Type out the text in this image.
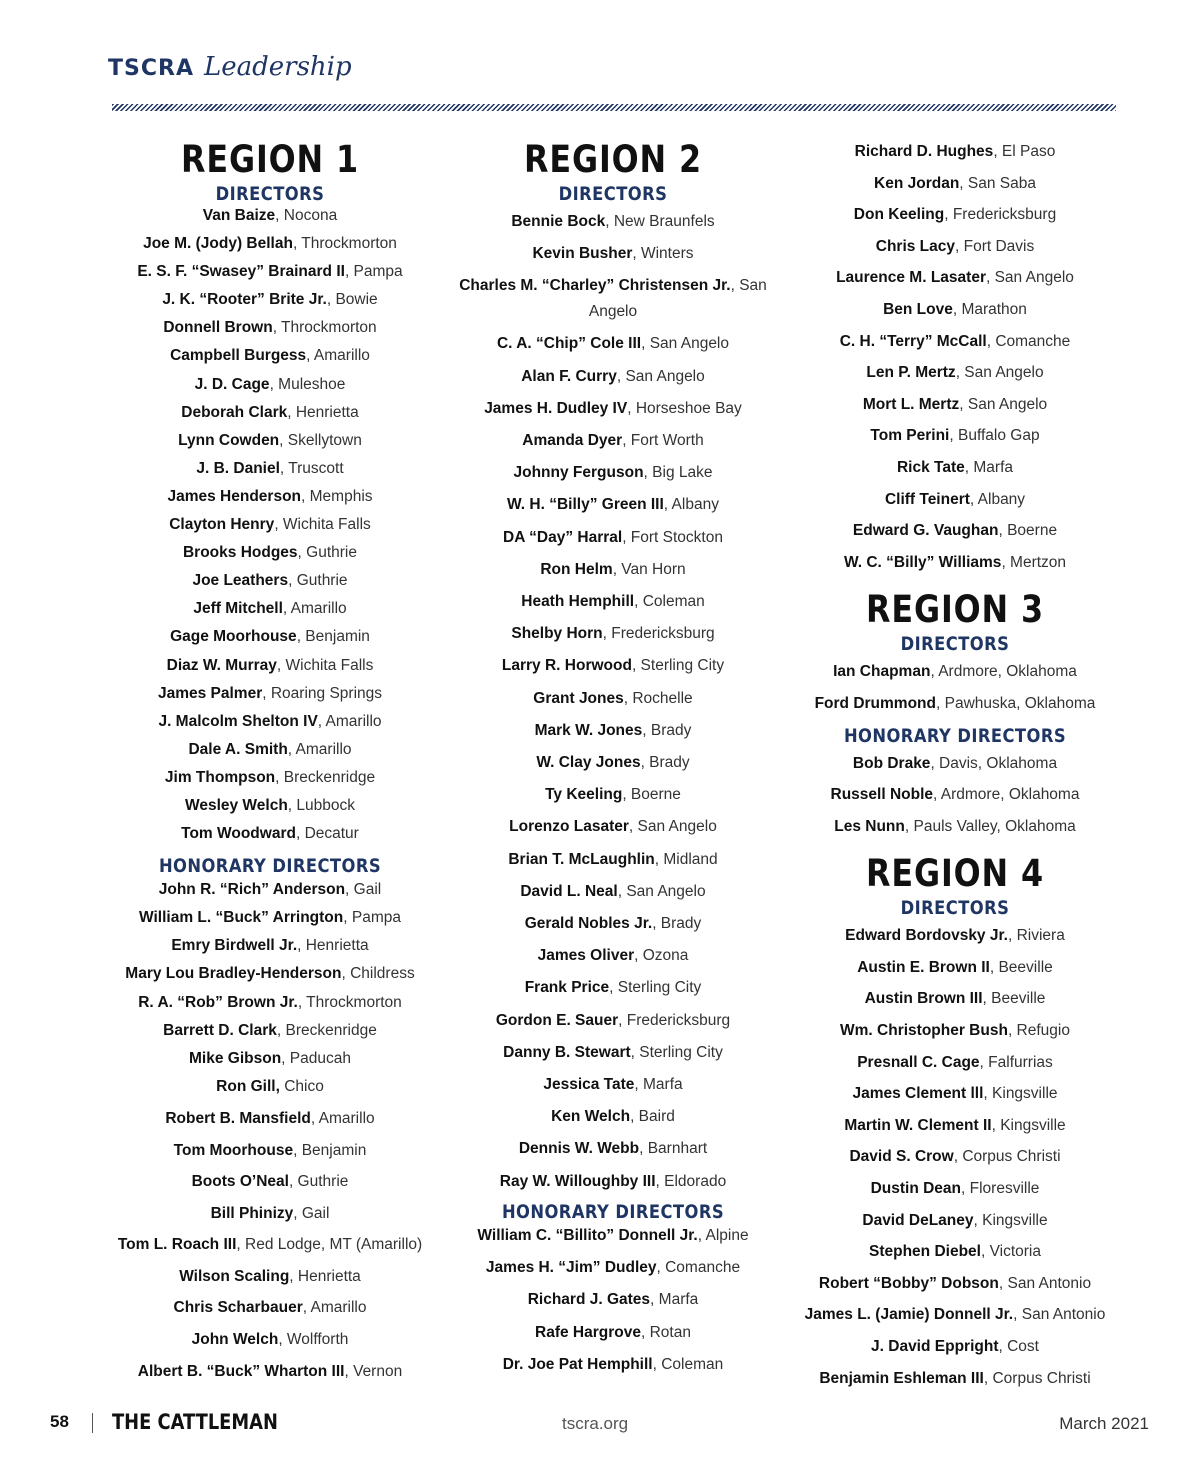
TSCRA Leadership
REGION 1
DIRECTORS
Van Baize, Nocona
Joe M. (Jody) Bellah, Throckmorton
E. S. F. “Swasey” Brainard II, Pampa
J. K. “Rooter” Brite Jr., Bowie
Donnell Brown, Throckmorton
Campbell Burgess, Amarillo
J. D. Cage, Muleshoe
Deborah Clark, Henrietta
Lynn Cowden, Skellytown
J. B. Daniel, Truscott
James Henderson, Memphis
Clayton Henry, Wichita Falls
Brooks Hodges, Guthrie
Joe Leathers, Guthrie
Jeff Mitchell, Amarillo
Gage Moorhouse, Benjamin
Diaz W. Murray, Wichita Falls
James Palmer, Roaring Springs
J. Malcolm Shelton IV, Amarillo
Dale A. Smith, Amarillo
Jim Thompson, Breckenridge
Wesley Welch, Lubbock
Tom Woodward, Decatur
HONORARY DIRECTORS
John R. “Rich” Anderson, Gail
William L. “Buck” Arrington, Pampa
Emry Birdwell Jr., Henrietta
Mary Lou Bradley-Henderson, Childress
R. A. “Rob” Brown Jr., Throckmorton
Barrett D. Clark, Breckenridge
Mike Gibson, Paducah
Ron Gill, Chico
Robert B. Mansfield, Amarillo
Tom Moorhouse, Benjamin
Boots O’Neal, Guthrie
Bill Phinizy, Gail
Tom L. Roach III, Red Lodge, MT (Amarillo)
Wilson Scaling, Henrietta
Chris Scharbauer, Amarillo
John Welch, Wolfforth
Albert B. “Buck” Wharton III, Vernon
REGION 2
DIRECTORS
Bennie Bock, New Braunfels
Kevin Busher, Winters
Charles M. “Charley” Christensen Jr., San Angelo
C. A. “Chip” Cole III, San Angelo
Alan F. Curry, San Angelo
James H. Dudley IV, Horseshoe Bay
Amanda Dyer, Fort Worth
Johnny Ferguson, Big Lake
W. H. “Billy” Green III, Albany
DA “Day” Harral, Fort Stockton
Ron Helm, Van Horn
Heath Hemphill, Coleman
Shelby Horn, Fredericksburg
Larry R. Horwood, Sterling City
Grant Jones, Rochelle
Mark W. Jones, Brady
W. Clay Jones, Brady
Ty Keeling, Boerne
Lorenzo Lasater, San Angelo
Brian T. McLaughlin, Midland
David L. Neal, San Angelo
Gerald Nobles Jr., Brady
James Oliver, Ozona
Frank Price, Sterling City
Gordon E. Sauer, Fredericksburg
Danny B. Stewart, Sterling City
Jessica Tate, Marfa
Ken Welch, Baird
Dennis W. Webb, Barnhart
Ray W. Willoughby III, Eldorado
HONORARY DIRECTORS
William C. “Billito” Donnell Jr., Alpine
James H. “Jim” Dudley, Comanche
Richard J. Gates, Marfa
Rafe Hargrove, Rotan
Dr. Joe Pat Hemphill, Coleman
Richard D. Hughes, El Paso
Ken Jordan, San Saba
Don Keeling, Fredericksburg
Chris Lacy, Fort Davis
Laurence M. Lasater, San Angelo
Ben Love, Marathon
C. H. “Terry” McCall, Comanche
Len P. Mertz, San Angelo
Mort L. Mertz, San Angelo
Tom Perini, Buffalo Gap
Rick Tate, Marfa
Cliff Teinert, Albany
Edward G. Vaughan, Boerne
W. C. “Billy” Williams, Mertzon
REGION 3
DIRECTORS
Ian Chapman, Ardmore, Oklahoma
Ford Drummond, Pawhuska, Oklahoma
HONORARY DIRECTORS
Bob Drake, Davis, Oklahoma
Russell Noble, Ardmore, Oklahoma
Les Nunn, Pauls Valley, Oklahoma
REGION 4
DIRECTORS
Edward Bordovsky Jr., Riviera
Austin E. Brown II, Beeville
Austin Brown III, Beeville
Wm. Christopher Bush, Refugio
Presnall C. Cage, Falfurrias
James Clement lll, Kingsville
Martin W. Clement II, Kingsville
David S. Crow, Corpus Christi
Dustin Dean, Floresville
David DeLaney, Kingsville
Stephen Diebel, Victoria
Robert “Bobby” Dobson, San Antonio
James L. (Jamie) Donnell Jr., San Antonio
J. David Eppright, Cost
Benjamin Eshleman III, Corpus Christi
58 THE CATTLEMAN	tscra.org	March 2021
